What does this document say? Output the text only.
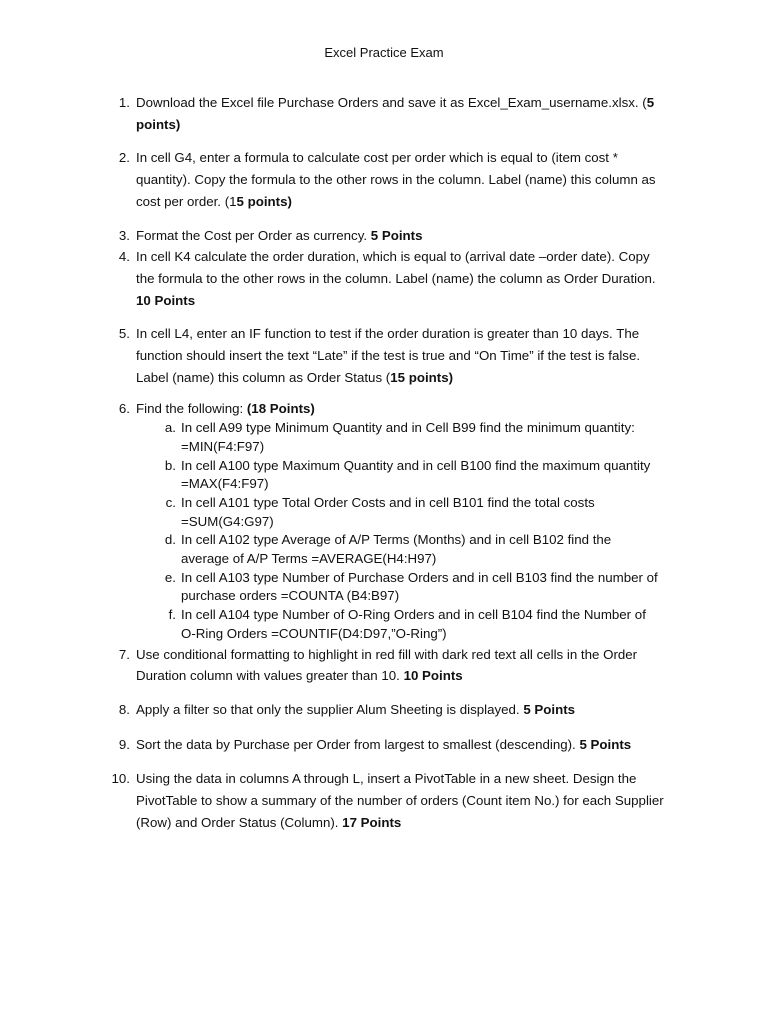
Excel Practice Exam
1. Download the Excel file Purchase Orders and save it as Excel_Exam_username.xlsx. (5 points)
2. In cell G4, enter a formula to calculate cost per order which is equal to (item cost * quantity). Copy the formula to the other rows in the column. Label (name) this column as cost per order. (15 points)
3. Format the Cost per Order as currency. 5 Points
4. In cell K4 calculate the order duration, which is equal to (arrival date –order date). Copy the formula to the other rows in the column. Label (name) the column as Order Duration. 10 Points
5. In cell L4, enter an IF function to test if the order duration is greater than 10 days. The function should insert the text “Late” if the test is true and “On Time” if the test is false. Label (name) this column as Order Status (15 points)
6. Find the following: (18 Points)
a. In cell A99 type Minimum Quantity and in Cell B99 find the minimum quantity:
=MIN(F4:F97)
b. In cell A100 type Maximum Quantity and in cell B100 find the maximum quantity
=MAX(F4:F97)
c. In cell A101 type Total Order Costs and in cell B101 find the total costs
=SUM(G4:G97)
d. In cell A102 type Average of A/P Terms (Months) and in cell B102 find the
average of A/P Terms =AVERAGE(H4:H97)
e. In cell A103 type Number of Purchase Orders and in cell B103 find the number of
purchase orders =COUNTA (B4:B97)
f. In cell A104 type Number of O-Ring Orders and in cell B104 find the Number of
O-Ring Orders =COUNTIF(D4:D97,”O-Ring”)
7. Use conditional formatting to highlight in red fill with dark red text all cells in the Order Duration column with values greater than 10. 10 Points
8. Apply a filter so that only the supplier Alum Sheeting is displayed. 5 Points
9. Sort the data by Purchase per Order from largest to smallest (descending). 5 Points
10. Using the data in columns A through L, insert a PivotTable in a new sheet. Design the PivotTable to show a summary of the number of orders (Count item No.) for each Supplier (Row) and Order Status (Column). 17 Points
